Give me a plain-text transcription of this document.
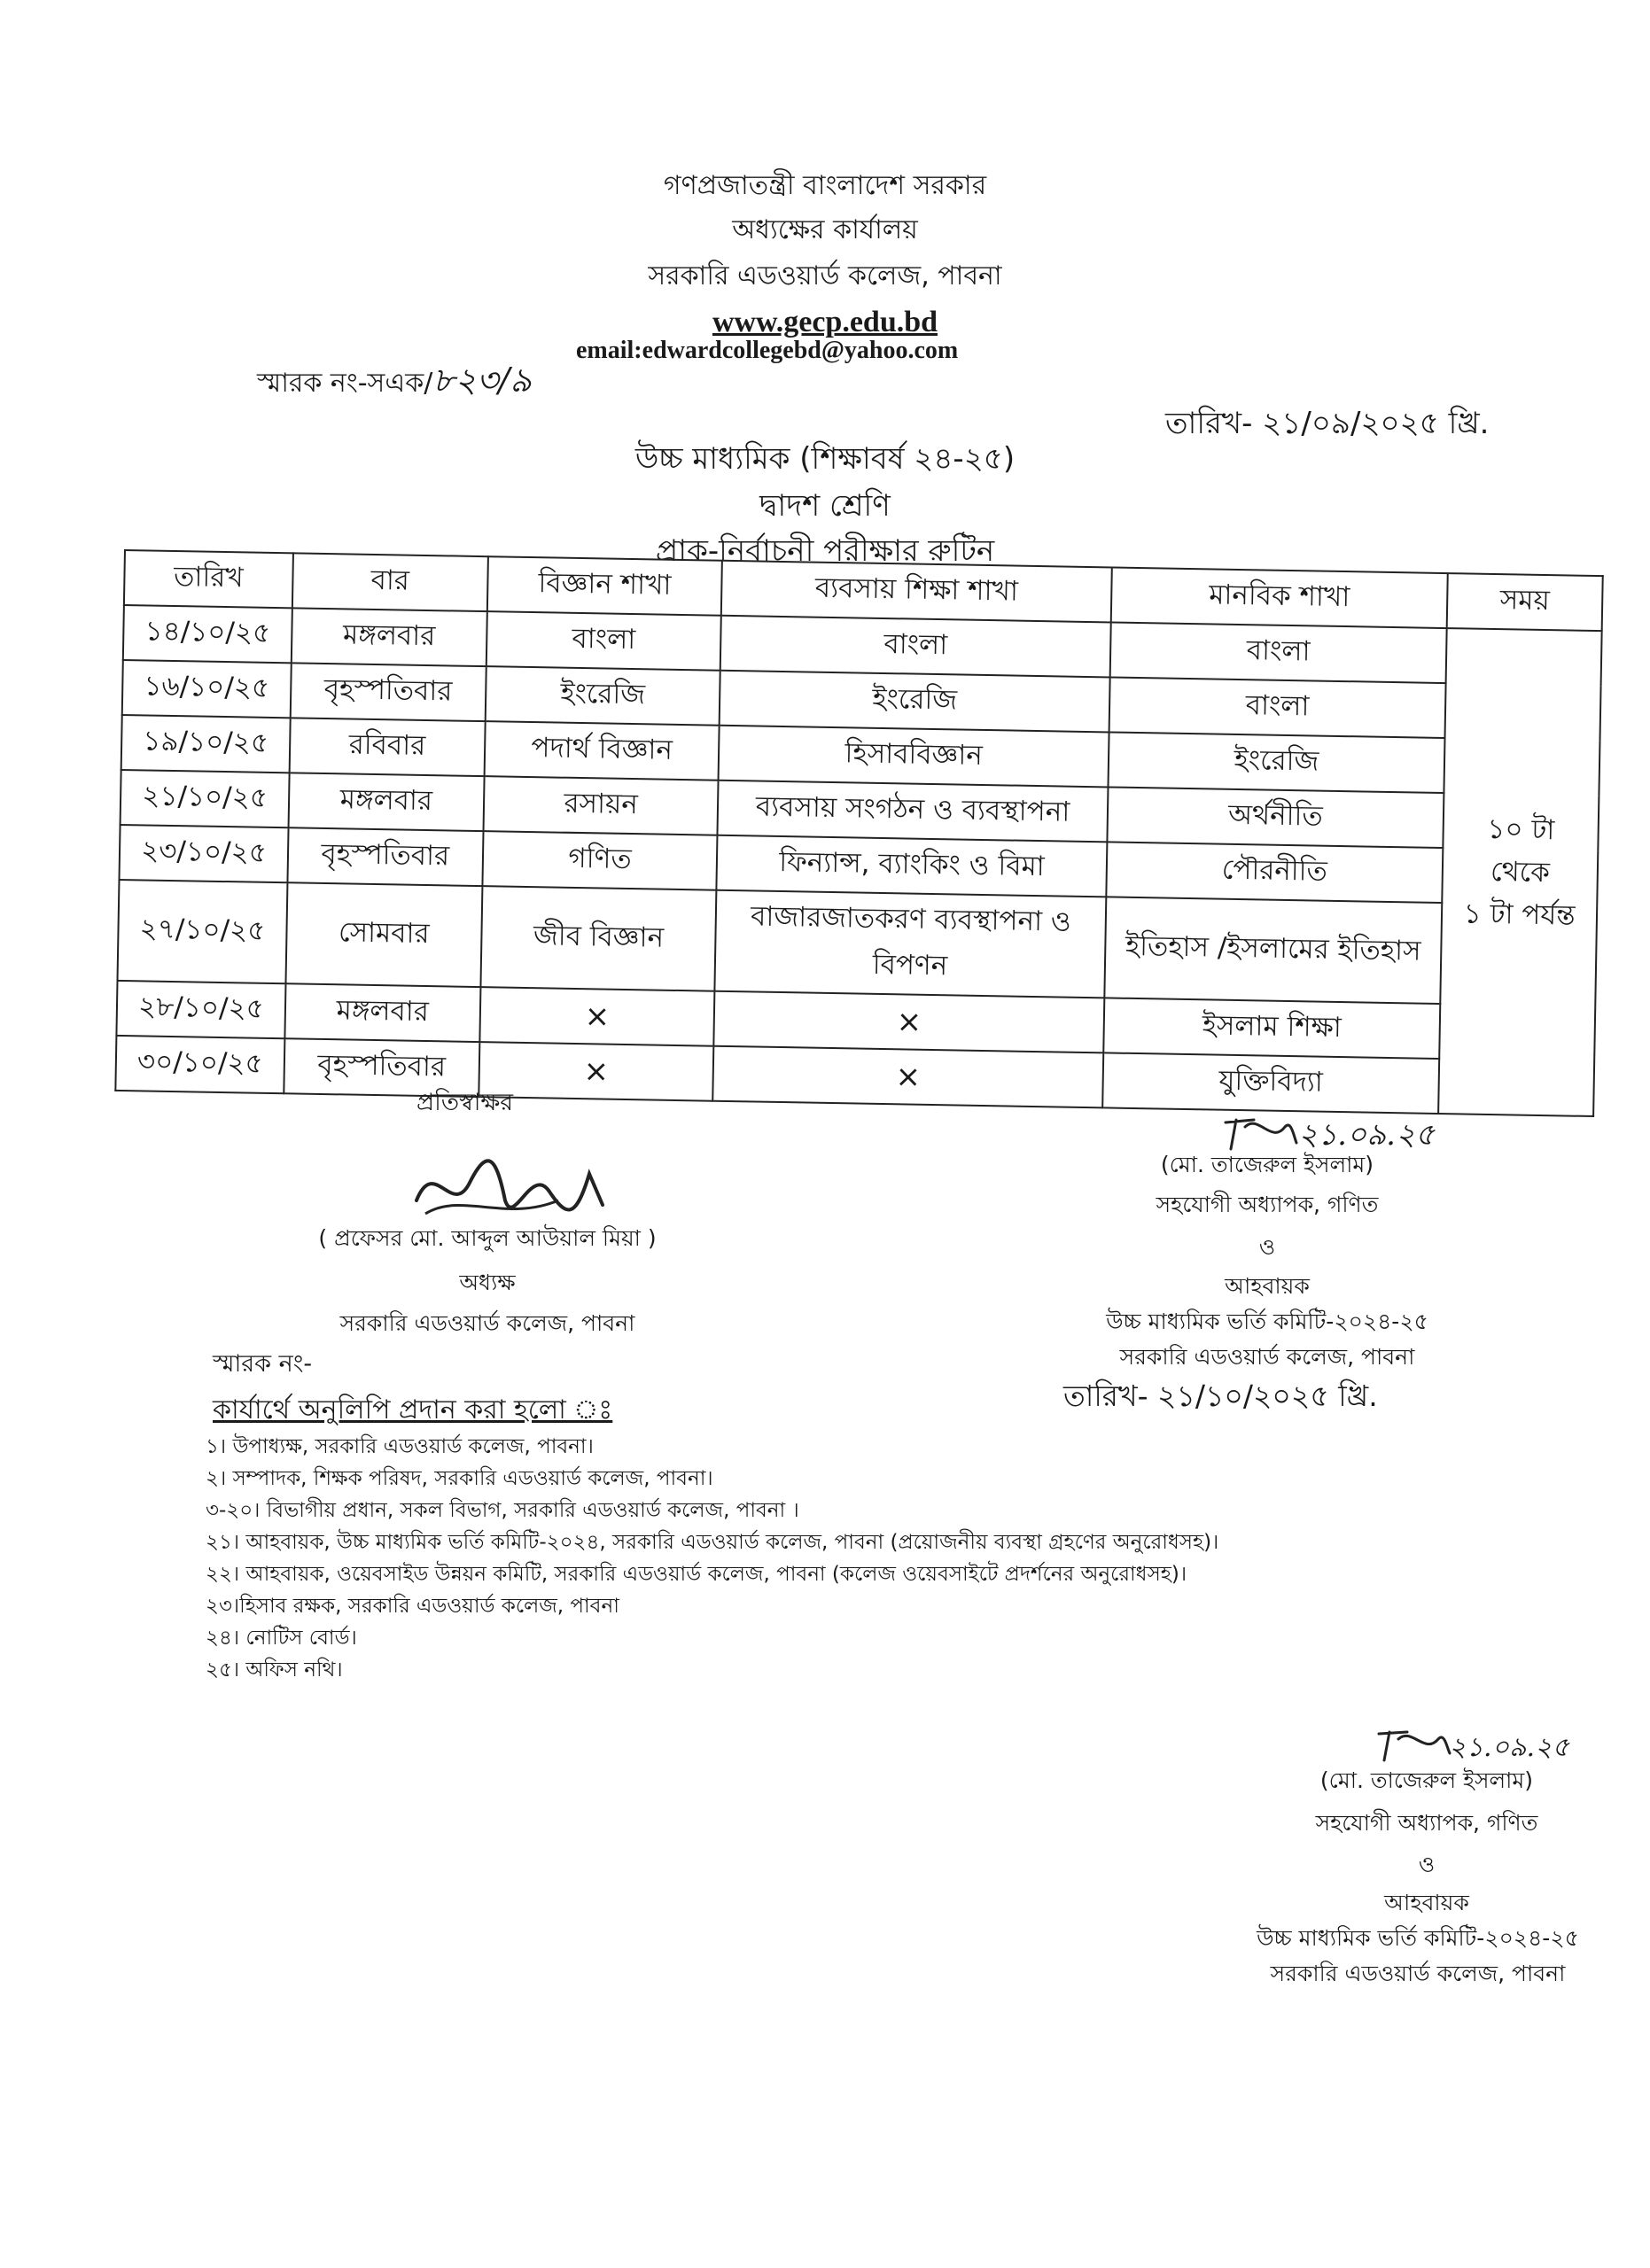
গণপ্রজাতন্ত্রী বাংলাদেশ সরকার
অধ্যক্ষের কার্যালয়
সরকারি এডওয়ার্ড কলেজ, পাবনা
www.gecp.edu.bd
email:edwardcollegebd@yahoo.com
স্মারক নং-সএক/৮২৩/৯
তারিখ- ২১/০৯/২০২৫ খ্রি.
উচ্চ মাধ্যমিক (শিক্ষাবর্ষ ২৪-২৫)
দ্বাদশ শ্রেণি
প্রাক-নির্বাচনী পরীক্ষার রুটিন
তারিখ	বার	বিজ্ঞান শাখা	ব্যবসায় শিক্ষা শাখা	মানবিক শাখা	সময়
১৪/১০/২৫	মঙ্গলবার	বাংলা	বাংলা	বাংলা	১০ টা
থেকে
১ টা পর্যন্ত

১৬/১০/২৫	বৃহস্পতিবার	ইংরেজি	ইংরেজি	বাংলা	
১৯/১০/২৫	রবিবার	পদার্থ বিজ্ঞান	হিসাববিজ্ঞান	ইংরেজি	
২১/১০/২৫	মঙ্গলবার	রসায়ন	ব্যবসায় সংগঠন ও ব্যবস্থাপনা	অর্থনীতি	
২৩/১০/২৫	বৃহস্পতিবার	গণিত	ফিন্যান্স, ব্যাংকিং ও বিমা	পৌরনীতি	
২৭/১০/২৫	সোমবার	জীব বিজ্ঞান	বাজারজাতকরণ ব্যবস্থাপনা ও বিপণন	ইতিহাস /ইসলামের ইতিহাস	
২৮/১০/২৫	মঙ্গলবার	×	×	ইসলাম শিক্ষা	
৩০/১০/২৫	বৃহস্পতিবার	×	×	যুক্তিবিদ্যা	
প্রতিস্বাক্ষর
( প্রফেসর মো. আব্দুল আউয়াল মিয়া )
অধ্যক্ষ
সরকারি এডওয়ার্ড কলেজ, পাবনা
২১.০৯.২৫
(মো. তাজেরুল ইসলাম)
সহযোগী অধ্যাপক, গণিত
ও
আহবায়ক
উচ্চ মাধ্যমিক ভর্তি কমিটি-২০২৪-২৫
সরকারি এডওয়ার্ড কলেজ, পাবনা
তারিখ- ২১/১০/২০২৫ খ্রি.
স্মারক নং-
কার্যার্থে অনুলিপি প্রদান করা হলো ঃ
১। উপাধ্যক্ষ, সরকারি এডওয়ার্ড কলেজ, পাবনা।
২। সম্পাদক, শিক্ষক পরিষদ, সরকারি এডওয়ার্ড কলেজ, পাবনা।
৩-২০। বিভাগীয় প্রধান, সকল বিভাগ, সরকারি এডওয়ার্ড কলেজ, পাবনা ।
২১। আহবায়ক, উচ্চ মাধ্যমিক ভর্তি কমিটি-২০২৪, সরকারি এডওয়ার্ড কলেজ, পাবনা (প্রয়োজনীয় ব্যবস্থা গ্রহণের অনুরোধসহ)।
২২। আহবায়ক, ওয়েবসাইড উন্নয়ন কমিটি, সরকারি এডওয়ার্ড কলেজ, পাবনা (কলেজ ওয়েবসাইটে প্রদর্শনের অনুরোধসহ)।
২৩।হিসাব রক্ষক, সরকারি এডওয়ার্ড কলেজ, পাবনা
২৪। নোটিস বোর্ড।
২৫। অফিস নথি।
২১.০৯.২৫
(মো. তাজেরুল ইসলাম)
সহযোগী অধ্যাপক, গণিত
ও
আহবায়ক
উচ্চ মাধ্যমিক ভর্তি কমিটি-২০২৪-২৫
সরকারি এডওয়ার্ড কলেজ, পাবনা
